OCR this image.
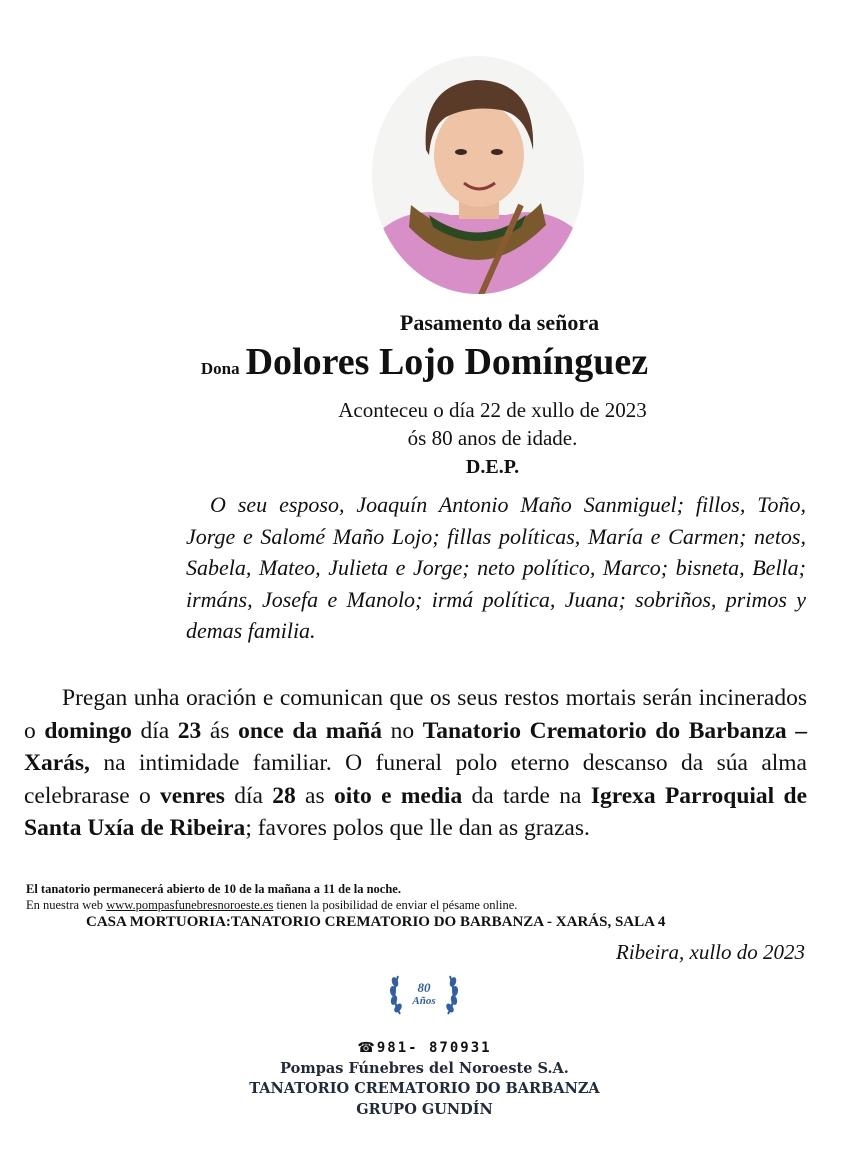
Pasamento da señora
Dona Dolores Lojo Domínguez
Aconteceu o día 22 de xullo de 2023
ós 80 anos de idade.
D.E.P.
O seu esposo, Joaquín Antonio Maño Sanmiguel; fillos, Toño, Jorge e Salomé Maño Lojo; fillas políticas, María e Carmen; netos, Sabela, Mateo, Julieta e Jorge; neto político, Marco; bisneta, Bella; irmáns, Josefa e Manolo; irmá política, Juana; sobriños, primos y demas familia.
Pregan unha oración e comunican que os seus restos mortais serán incinerados o domingo día 23 ás once da mañá no Tanatorio Crematorio do Barbanza – Xarás, na intimidade familiar. O funeral polo eterno descanso da súa alma celebrarase o venres día 28 as oito e media da tarde na Igrexa Parroquial de Santa Uxía de Ribeira; favores polos que lle dan as grazas.
El tanatorio permanecerá abierto de 10 de la mañana a 11 de la noche.
En nuestra web www.pompasfunebresnoroeste.es tienen la posibilidad de enviar el pésame online.
CASA MORTUORIA:TANATORIO CREMATORIO DO BARBANZA - XARÁS, SALA 4
Ribeira, xullo do 2023
80
Años
☎981- 870931
Pompas Fúnebres del Noroeste S.A.
TANATORIO CREMATORIO DO BARBANZA
GRUPO GUNDÍN
